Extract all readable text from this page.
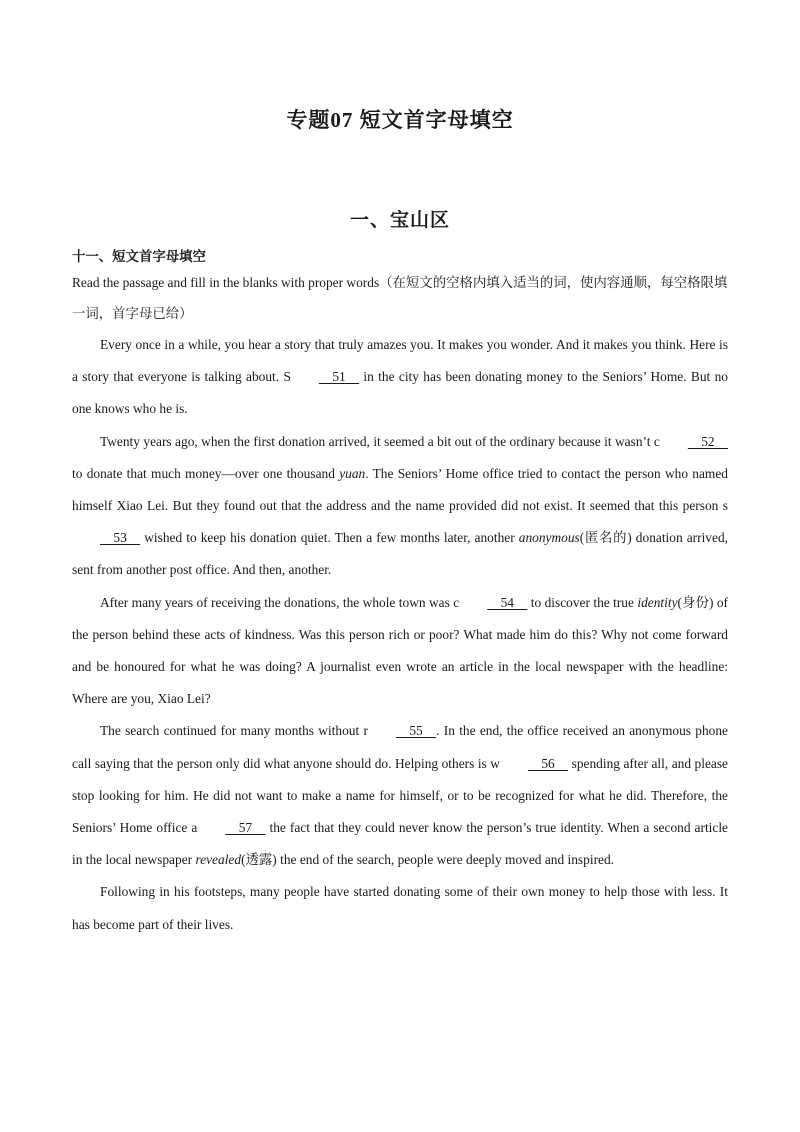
专题07 短文首字母填空
一、宝山区
十一、短文首字母填空

Read the passage and fill in the blanks with proper words（在短文的空格内填入适当的词，使内容通顺，每空格限填一词，首字母已给）

Every once in a while, you hear a story that truly amazes you. It makes you wonder. And it makes you think. Here is a story that everyone is talking about. S	51     in the city has been donating money to the Seniors’ Home. But no one knows who he is.

Twenty years ago, when the first donation arrived, it seemed a bit out of the ordinary because it wasn’t c	52     to donate that much money—over one thousand yuan. The Seniors’ Home office tried to contact the person who named himself Xiao Lei. But they found out that the address and the name provided did not exist. It seemed that this person s    53     wished to keep his donation quiet. Then a few months later, another anonymous(匿名的) donation arrived, sent from another post office. And then, another.

After many years of receiving the donations, the whole town was c	54     to discover the true identity(身份) of the person behind these acts of kindness. Was this person rich or poor? What made him do this? Why not come forward and be honoured for what he was doing? A journalist even wrote an article in the local newspaper with the headline: Where are you, Xiao Lei?

The search continued for many months without r	55 . In the end, the office received an anonymous phone call saying that the person only did what anyone should do. Helping others is w	56     spending after all, and please stop looking for him. He did not want to make a name for himself, or to be recognized for what he did. Therefore, the Seniors’ Home office a	57     the fact that they could never know the person’s true identity. When a second article in the local newspaper revealed(透露) the end of the search, people were deeply moved and inspired.

Following in his footsteps, many people have started donating some of their own money to help those with less. It has become part of their lives.
